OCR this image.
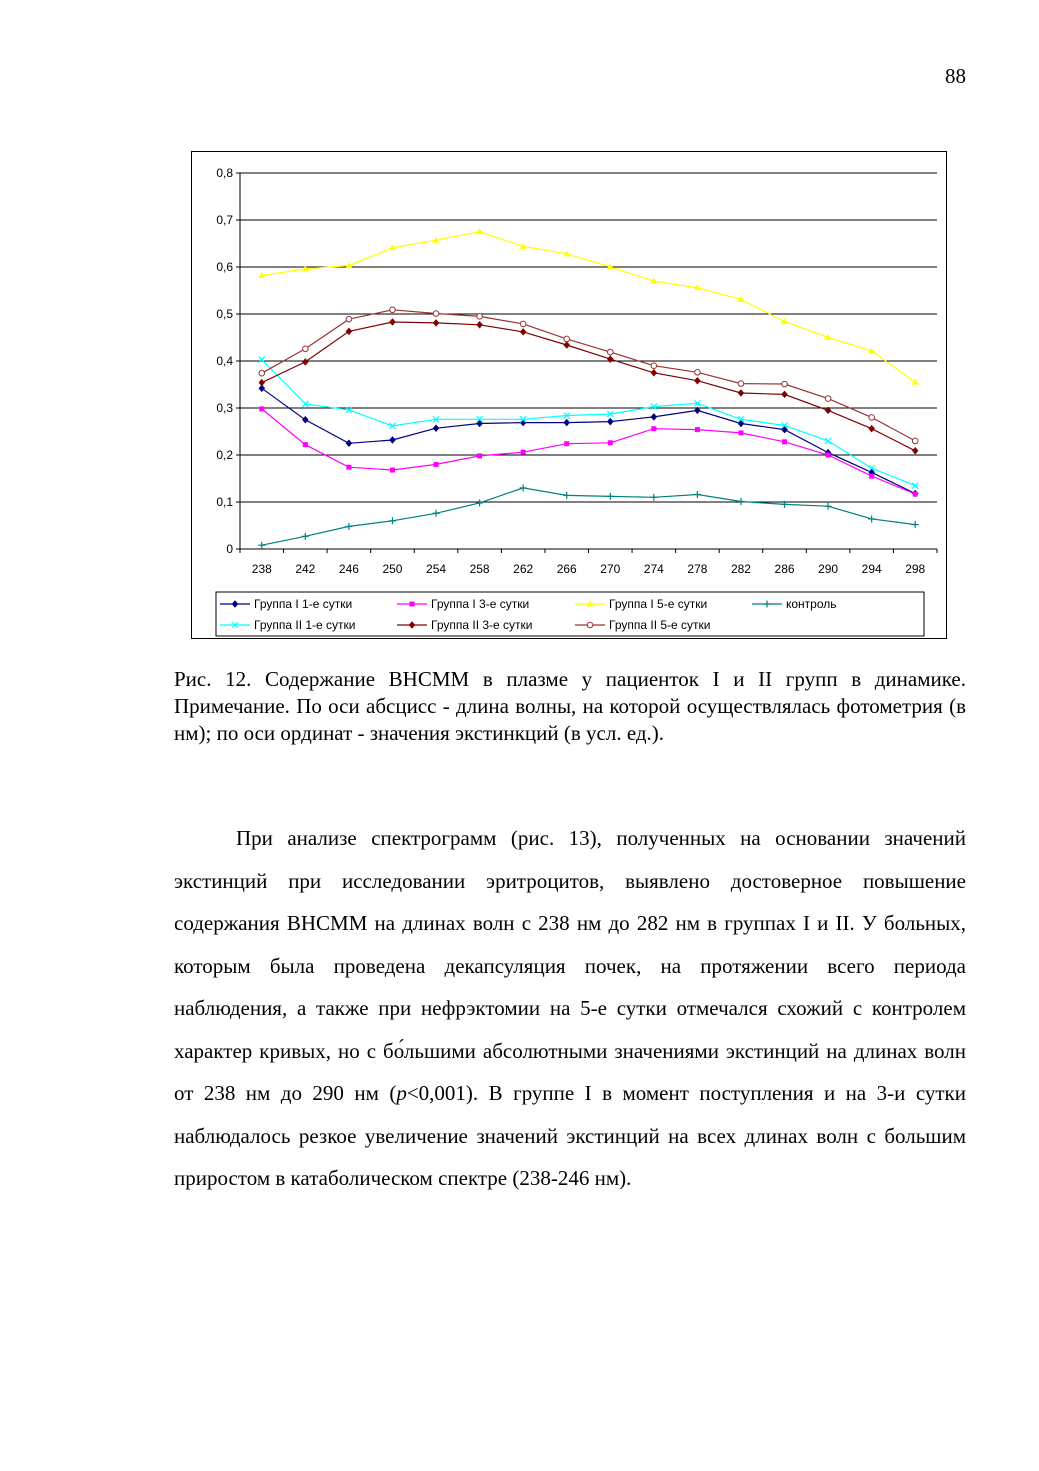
88
0
0,1
0,2
0,3
0,4
0,5
0,6
0,7
0,8
238 242 246 250 254 258 262 266 270 274 278 282 286 290 294 298
Группа I 1-е сутки	Группа I 3-е сутки	Группа I 5-е сутки	контроль
Группа II 1-е сутки	Группа II 3-е сутки	Группа II 5-е сутки
Рис. 12. Содержание ВНСММ в плазме у пациенток I и II групп в динамике. Примечание. По оси абсцисс - длина волны, на которой осуществлялась фотометрия (в нм); по оси ординат - значения экстинкций (в усл. ед.).

При анализе спектрограмм (рис. 13), полученных на основании значений экстинций при исследовании эритроцитов, выявлено достоверное повышение содержания ВНСММ на длинах волн с 238 нм до 282 нм в группах I и II. У больных, которым была проведена декапсуляция почек, на протяжении всего периода наблюдения, а также при нефрэктомии на 5-е сутки отмечался схожий с контролем характер кривых, но с бо́льшими абсолютными значениями экстинций на длинах волн от 238 нм до 290 нм (p<0,001). В группе I в момент поступления и на 3-и сутки наблюдалось резкое увеличение значений экстинций на всех длинах волн с большим приростом в катаболическом спектре (238-246 нм).
